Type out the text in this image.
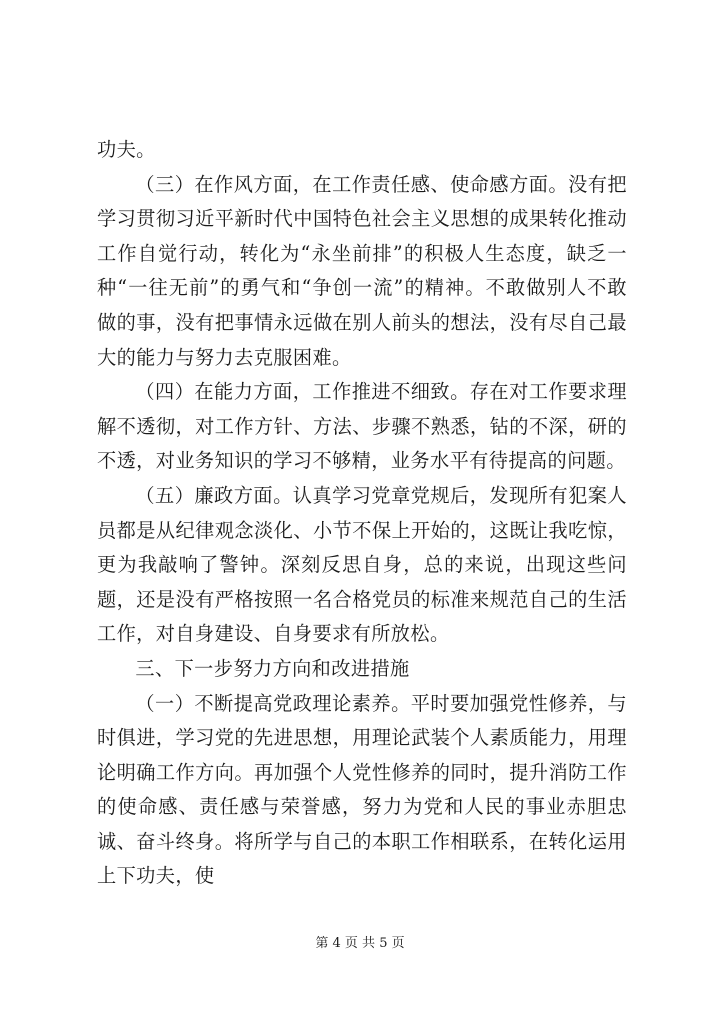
功夫。

（三）在作风方面，在工作责任感、使命感方面。没有把学习贯彻习近平新时代中国特色社会主义思想的成果转化推动工作自觉行动，转化为“永坐前排”的积极人生态度，缺乏一种“一往无前”的勇气和“争创一流”的精神。不敢做别人不敢做的事，没有把事情永远做在别人前头的想法，没有尽自己最大的能力与努力去克服困难。

（四）在能力方面，工作推进不细致。存在对工作要求理解不透彻，对工作方针、方法、步骤不熟悉，钻的不深，研的不透，对业务知识的学习不够精，业务水平有待提高的问题。

（五）廉政方面。认真学习党章党规后，发现所有犯案人员都是从纪律观念淡化、小节不保上开始的，这既让我吃惊，更为我敲响了警钟。深刻反思自身，总的来说，出现这些问题，还是没有严格按照一名合格党员的标准来规范自己的生活工作，对自身建设、自身要求有所放松。

三、下一步努力方向和改进措施

（一）不断提高党政理论素养。平时要加强党性修养，与时俱进，学习党的先进思想，用理论武装个人素质能力，用理论明确工作方向。再加强个人党性修养的同时，提升消防工作的使命感、责任感与荣誉感，努力为党和人民的事业赤胆忠诚、奋斗终身。将所学与自己的本职工作相联系，在转化运用上下功夫，使

第 4 页 共 5 页
